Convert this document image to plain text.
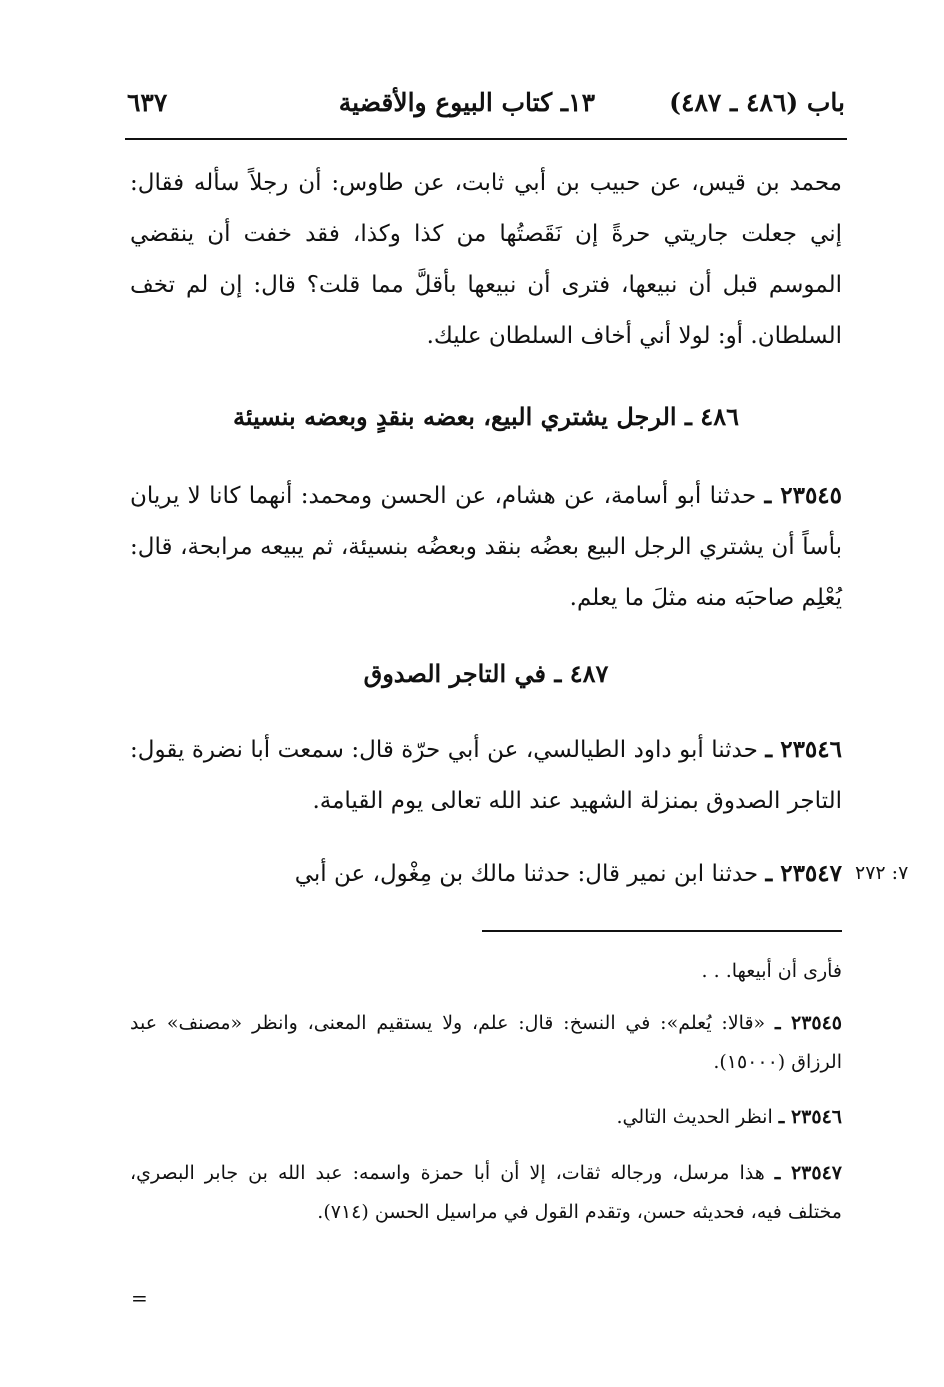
باب (٤٨٦ ـ ٤٨٧)
١٣ـ كتاب البيوع والأقضية
٦٣٧
محمد بن قيس، عن حبيب بن أبي ثابت، عن طاوس: أن رجلاً سأله فقال: إني جعلت جاريتي حرةً إن نَقَصتُها من كذا وكذا، فقد خفت أن ينقضي الموسم قبل أن نبيعها، فترى أن نبيعها بأقلَّ مما قلت؟ قال: إن لم تخف السلطان. أو: لولا أني أخاف السلطان عليك.
٤٨٦ ـ الرجل يشتري البيع، بعضه بنقدٍ وبعضه بنسيئة
٢٣٥٤٥ ـ حدثنا أبو أسامة، عن هشام، عن الحسن ومحمد: أنهما كانا لا يريان بأساً أن يشتري الرجل البيع بعضُه بنقد وبعضُه بنسيئة، ثم يبيعه مرابحة، قال: يُعْلِم صاحبَه منه مثلَ ما يعلم.
٤٨٧ ـ في التاجر الصدوق
٢٣٥٤٦ ـ حدثنا أبو داود الطيالسي، عن أبي حرّة قال: سمعت أبا نضرة يقول: التاجر الصدوق بمنزلة الشهيد عند الله تعالى يوم القيامة.
٢٣٥٤٧ ـ حدثنا ابن نمير قال: حدثنا مالك بن مِغْول، عن أبي	٧: ٢٧٢
فأرى أن أبيعها. . .
٢٣٥٤٥ ـ «قالا: يُعلم»: في النسخ: قال: علم، ولا يستقيم المعنى، وانظر «مصنف» عبد الرزاق (١٥٠٠٠).
٢٣٥٤٦ ـ انظر الحديث التالي.
٢٣٥٤٧ ـ هذا مرسل، ورجاله ثقات، إلا أن أبا حمزة واسمه: عبد الله بن جابر البصري، مختلف فيه، فحديثه حسن، وتقدم القول في مراسيل الحسن (٧١٤).
=
